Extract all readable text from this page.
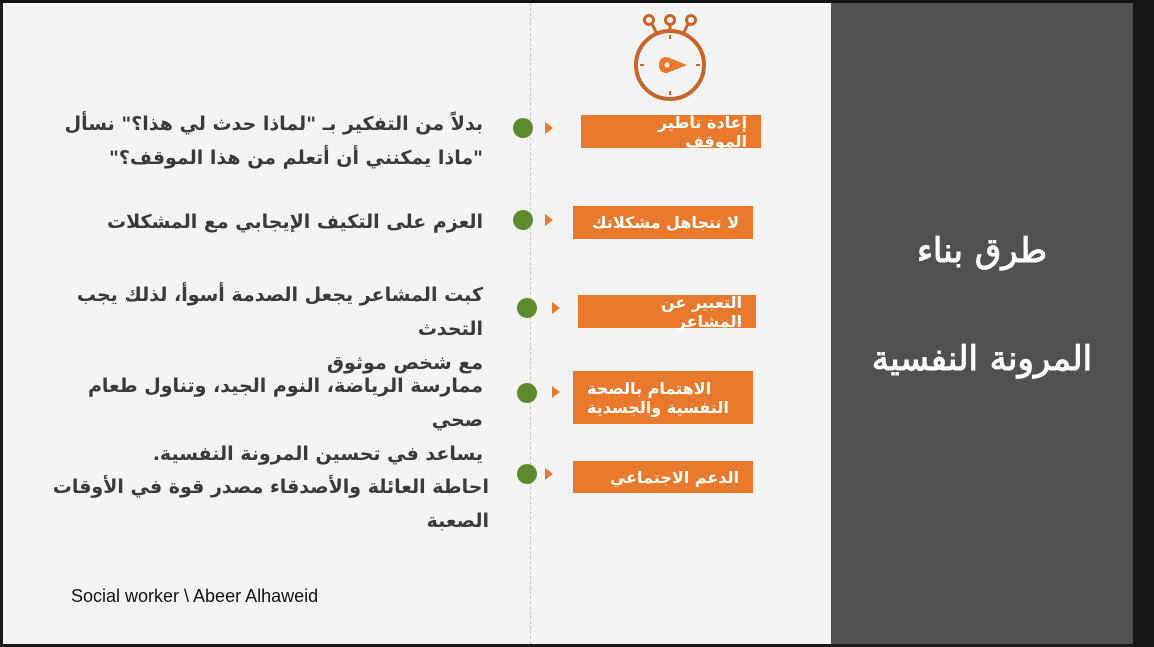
بدلاً من التفكير بـ "لماذا حدث لي هذا؟" نسأل
"ماذا يمكنني أن أتعلم من هذا الموقف؟"
إعادة تأطير الموقف
العزم على التكيف الإيجابي مع المشكلات	لا تتجاهل مشكلاتك
كبت المشاعر يجعل الصدمة أسوأ، لذلك يجب التحدث
مع شخص موثوق
التعبير عن المشاعر
ممارسة الرياضة، النوم الجيد، وتناول طعام صحي
يساعد في تحسين المرونة النفسية.
الاهتمام بالصحة
النفسية والجسدية
احاطة العائلة والأصدقاء مصدر قوة في الأوقات الصعبة
الدعم الاجتماعي
Social worker \ Abeer Alhaweid
طرق بناء
المرونة النفسية
